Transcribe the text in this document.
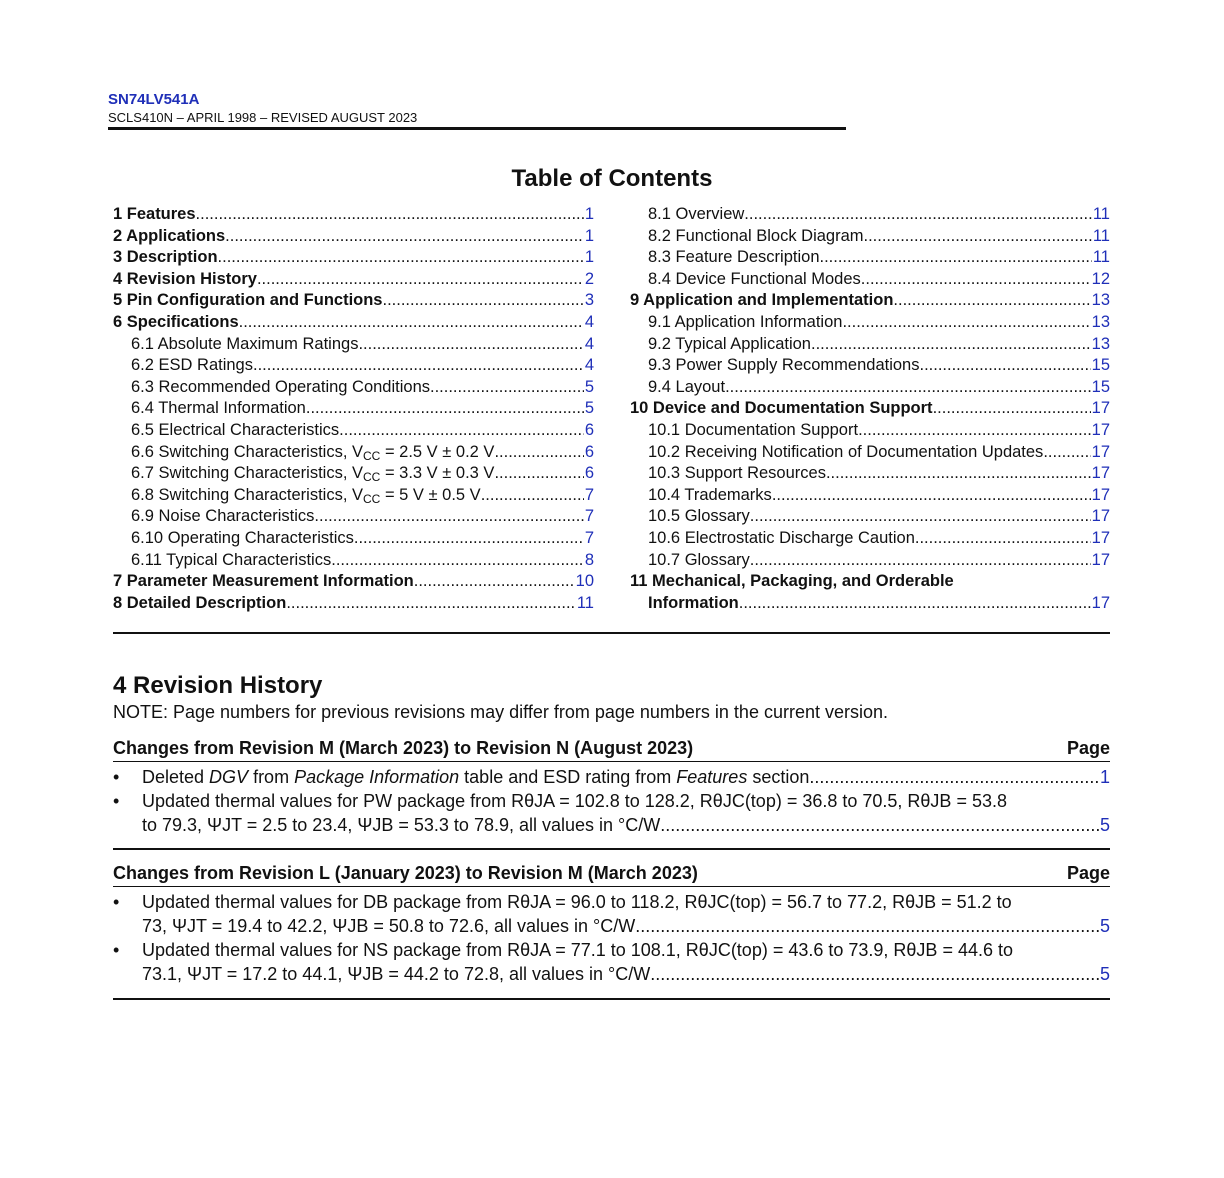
SN74LV541A
SCLS410N – APRIL 1998 – REVISED AUGUST 2023
Table of Contents
1 Features .....	1
2 Applications .....	1
3 Description .....	1
4 Revision History .....	2
5 Pin Configuration and Functions .....	3
6 Specifications .....	4
6.1 Absolute Maximum Ratings .....	4
6.2 ESD Ratings .....	4
6.3 Recommended Operating Conditions .....	5
6.4 Thermal Information .....	5
6.5 Electrical Characteristics .....	6
6.6 Switching Characteristics, $V_{CC} = 2.5$ V ± 0.2 V .....	6
6.7 Switching Characteristics, $V_{CC} = 3.3$ V ± 0.3 V .....	6
6.8 Switching Characteristics, $V_{CC} = 5$ V ± 0.5 V .....	7
6.9 Noise Characteristics .....	7
6.10 Operating Characteristics .....	7
6.11 Typical Characteristics .....	8
7 Parameter Measurement Information .....	10
8 Detailed Description .....	11
8.1 Overview .....	11
8.2 Functional Block Diagram .....	11
8.3 Feature Description .....	11
8.4 Device Functional Modes .....	12
9 Application and Implementation .....	13
9.1 Application Information .....	13
9.2 Typical Application .....	13
9.3 Power Supply Recommendations .....	15
9.4 Layout .....	15
10 Device and Documentation Support .....	17
10.1 Documentation Support .....	17
10.2 Receiving Notification of Documentation Updates .....	17
10.3 Support Resources .....	17
10.4 Trademarks .....	17
10.5 Glossary .....	17
10.6 Electrostatic Discharge Caution .....	17
10.7 Glossary .....	17
11 Mechanical, Packaging, and Orderable
Information .....	17
4 Revision History
NOTE: Page numbers for previous revisions may differ from page numbers in the current version.
Changes from Revision M (March 2023) to Revision N (August 2023)	Page
• Deleted DGV from Package Information table and ESD rating from Features section .....	1
• Updated thermal values for PW package from RθJA = 102.8 to 128.2, RθJC(top) = 36.8 to 70.5, RθJB = 53.8
to 79.3, ΨJT = 2.5 to 23.4, ΨJB = 53.3 to 78.9, all values in °C/W .....	5
Changes from Revision L (January 2023) to Revision M (March 2023)	Page
• Updated thermal values for DB package from RθJA = 96.0 to 118.2, RθJC(top) = 56.7 to 77.2, RθJB = 51.2 to
73, ΨJT = 19.4 to 42.2, ΨJB = 50.8 to 72.6, all values in °C/W .....	5
• Updated thermal values for NS package from RθJA = 77.1 to 108.1, RθJC(top) = 43.6 to 73.9, RθJB = 44.6 to
73.1, ΨJT = 17.2 to 44.1, ΨJB = 44.2 to 72.8, all values in °C/W .....	5
